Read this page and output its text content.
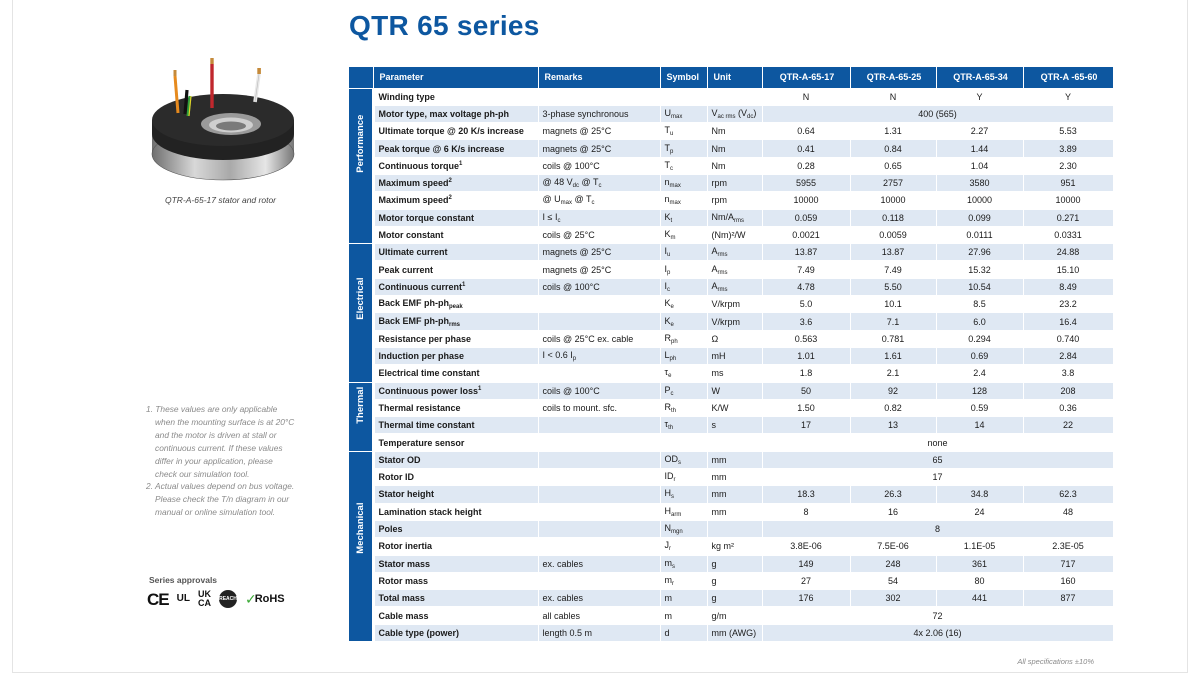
QTR 65 series
QTR-A-65-17 stator and rotor

1. These values are only applicable when the mounting surface is at 20°C and the motor is driven at stall or continuous current. If these values differ in your application, please check our simulation tool.

2. Actual values depend on bus voltage. Please check the T/n diagram in our manual or online simulation tool.

Series approvals
CE UL UK
CA REACH ✓
RoHS
	Parameter	Remarks	Symbol	Unit	QTR-A-65-17	QTR-A-65-25	QTR-A-65-34	QTR-A -65-60

Performance	Winding type				N	N	Y	Y
	Motor type, max voltage ph-ph	3-phase synchronous	$U_{max}$	$V_{ac rms}$ $(V_{dc})$	400 (565)			
	Ultimate torque @ 20 K/s increase	magnets @ 25°C	$T_u$	Nm	0.64	1.31	2.27	5.53
	Peak torque @ 6 K/s increase	magnets @ 25°C	$T_p$	Nm	0.41	0.84	1.44	3.89
	Continuous torque$^1$	coils @ 100°C	$T_c$	Nm	0.28	0.65	1.04	2.30
	Maximum speed$^2$	@ 48 $V_{dc}$ @ $T_c$	$n_{max}$	rpm	5955	2757	3580	951
	Maximum speed$^2$	@ $U_{max}$ @ $T_c$	$n_{max}$	rpm	10000	10000	10000	10000
	Motor torque constant	$I \le I_c$	$K_t$	$Nm/A_{rms}$	0.059	0.118	0.099	0.271
	Motor constant	coils @ 25°C	$K_m$	(Nm)²/W	0.0021	0.0059	0.0111	0.0331

Electrical	Ultimate current	magnets @ 25°C	$I_u$	$A_{rms}$	13.87	13.87	27.96	24.88
	Peak current	magnets @ 25°C	$I_p$	$A_{rms}$	7.49	7.49	15.32	15.10
	Continuous current$^1$	coils @ 100°C	$I_c$	$A_{rms}$	4.78	5.50	10.54	8.49
	Back EMF $ph-ph_{peak}$		$K_e$	V/krpm	5.0	10.1	8.5	23.2
	Back EMF $ph-ph_{rms}$		$K_e$	V/krpm	3.6	7.1	6.0	16.4
	Resistance per phase	coils @ 25°C ex. cable	$R_{ph}$	Ω	0.563	0.781	0.294	0.740
	Induction per phase	I < 0.6 $I_p$	$L_{ph}$	mH	1.01	1.61	0.69	2.84
	Electrical time constant		$\tau_e$	ms	1.8	2.1	2.4	3.8

Thermal	Continuous power loss$^1$	coils @ 100°C	$P_c$	W	50	92	128	208
	Thermal resistance	coils to mount. sfc.	$R_{th}$	K/W	1.50	0.82	0.59	0.36
	Thermal time constant		$\tau_{th}$	s	17	13	14	22
	Temperature sensor				none			

Mechanical	Stator OD		$OD_s$	mm	65			
	Rotor ID		$ID_r$	mm	17			
	Stator height		$H_s$	mm	18.3	26.3	34.8	62.3
	Lamination stack height		$H_{arm}$	mm	8	16	24	48
	Poles		$N_{mgn}$		8			
	Rotor inertia		$J_r$	kg m²	3.8E-06	7.5E-06	1.1E-05	2.3E-05
	Stator mass	ex. cables	$m_s$	g	149	248	361	717
	Rotor mass		$m_r$	g	27	54	80	160
	Total mass	ex. cables	m	g	176	302	441	877
	Cable mass	all cables	m	g/m	72			
	Cable type (power)	length 0.5 m	d	mm (AWG)	4x 2.06 (16)			
All specifications ±10%
